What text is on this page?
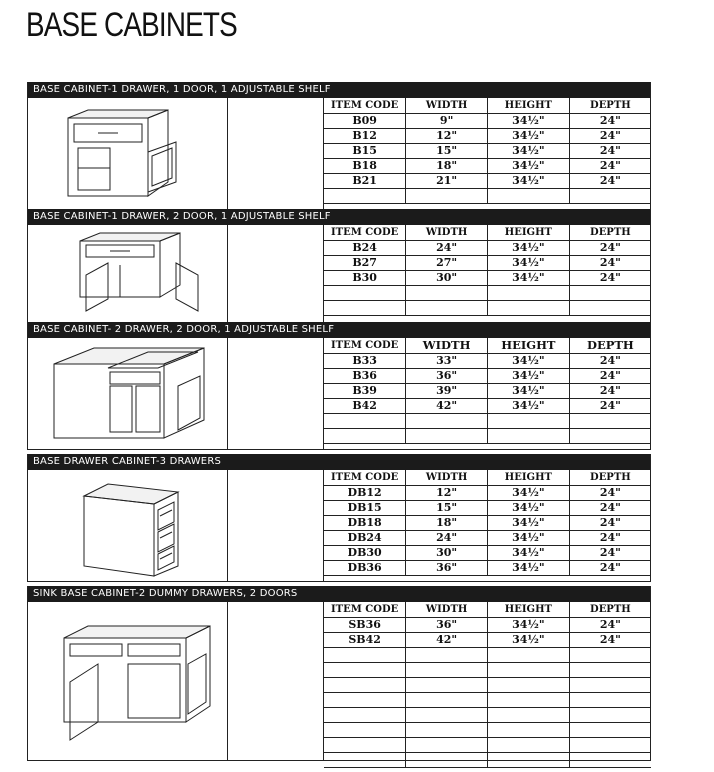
BASE CABINETS
BASE CABINET-1 DRAWER, 1 DOOR, 1 ADJUSTABLE SHELF
ITEM CODE	WIDTH	HEIGHT	DEPTH
B09	9"	34½"	24"
B12	12"	34½"	24"
B15	15"	34½"	24"
B18	18"	34½"	24"
B21	21"	34½"	24"

BASE CABINET-1 DRAWER, 2 DOOR, 1 ADJUSTABLE SHELF
ITEM CODE	WIDTH	HEIGHT	DEPTH
B24	24"	34½"	24"
B27	27"	34½"	24"
B30	30"	34½"	24"

BASE CABINET- 2 DRAWER, 2 DOOR, 1 ADJUSTABLE SHELF
ITEM CODE	WIDTH	HEIGHT	DEPTH
B33	33"	34½"	24"
B36	36"	34½"	24"
B39	39"	34½"	24"
B42	42"	34½"	24"

BASE DRAWER CABINET-3 DRAWERS
ITEM CODE	WIDTH	HEIGHT	DEPTH
DB12	12"	34½"	24"
DB15	15"	34½"	24"
DB18	18"	34½"	24"
DB24	24"	34½"	24"
DB30	30"	34½"	24"
DB36	36"	34½"	24"
SINK BASE CABINET-2 DUMMY DRAWERS, 2 DOORS
ITEM CODE	WIDTH	HEIGHT	DEPTH
SB36	36"	34½"	24"
SB42	42"	34½"	24"
